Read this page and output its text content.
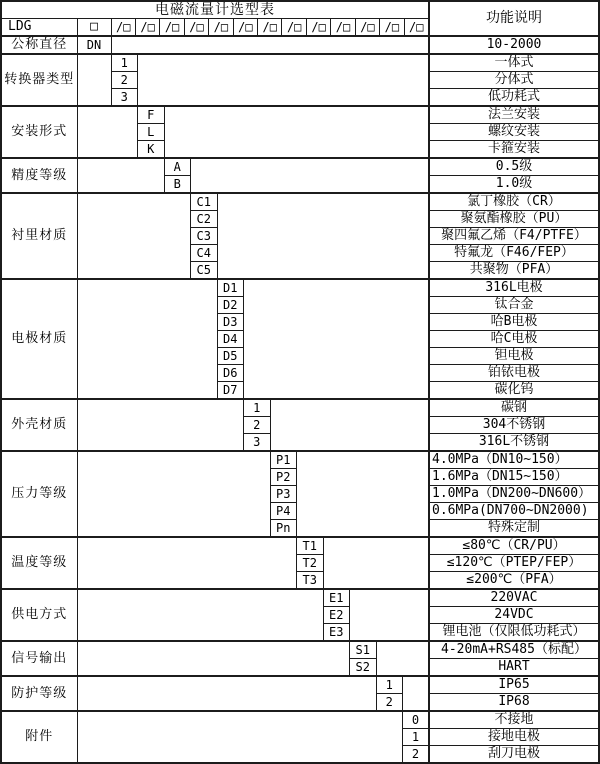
电磁流量计选型表														功能说明
LDG	□	/□ /□ /□ /□ /□ /□ /□ /□ /□ /□ /□ /□ /□

公称直径	DN													10-2000
转换器类型		1												一体式
		2												分体式
		3												低功耗式
安装形式			F											法兰安装
			L											螺纹安装
			K											卡箍安装
精度等级				A										0.5级
				B										1.0级
衬里材质					C1									氯丁橡胶（CR）
					C2									聚氨酯橡胶（PU）
					C3									聚四氟乙烯（F4/PTFE）
					C4									特氟龙（F46/FEP）
					C5									共聚物（PFA）
电极材质						D1								316L电极
						D2								钛合金
						D3								哈B电极
						D4								哈C电极
						D5								钽电极
						D6								铂铱电极
						D7								碳化钨
外壳材质							1							碳钢
							2							304不锈钢
							3							316L不锈钢
压力等级								P1						4.0MPa（DN10~150）
								P2						1.6MPa（DN15~150）
								P3						1.0MPa（DN200~DN600）
								P4						0.6MPa(DN700~DN2000)
								Pn						特殊定制
温度等级									T1					≤80℃（CR/PU）
									T2					≤120℃（PTEP/FEP）
									T3					≤200℃（PFA）
供电方式										E1				220VAC
										E2				24VDC
										E3				锂电池（仅限低功耗式）
信号输出											S1			4-20mA+RS485（标配）
											S2			HART
防护等级												1		IP65
												2		IP68
附件													0	不接地
													1	接地电极
													2	刮刀电极
